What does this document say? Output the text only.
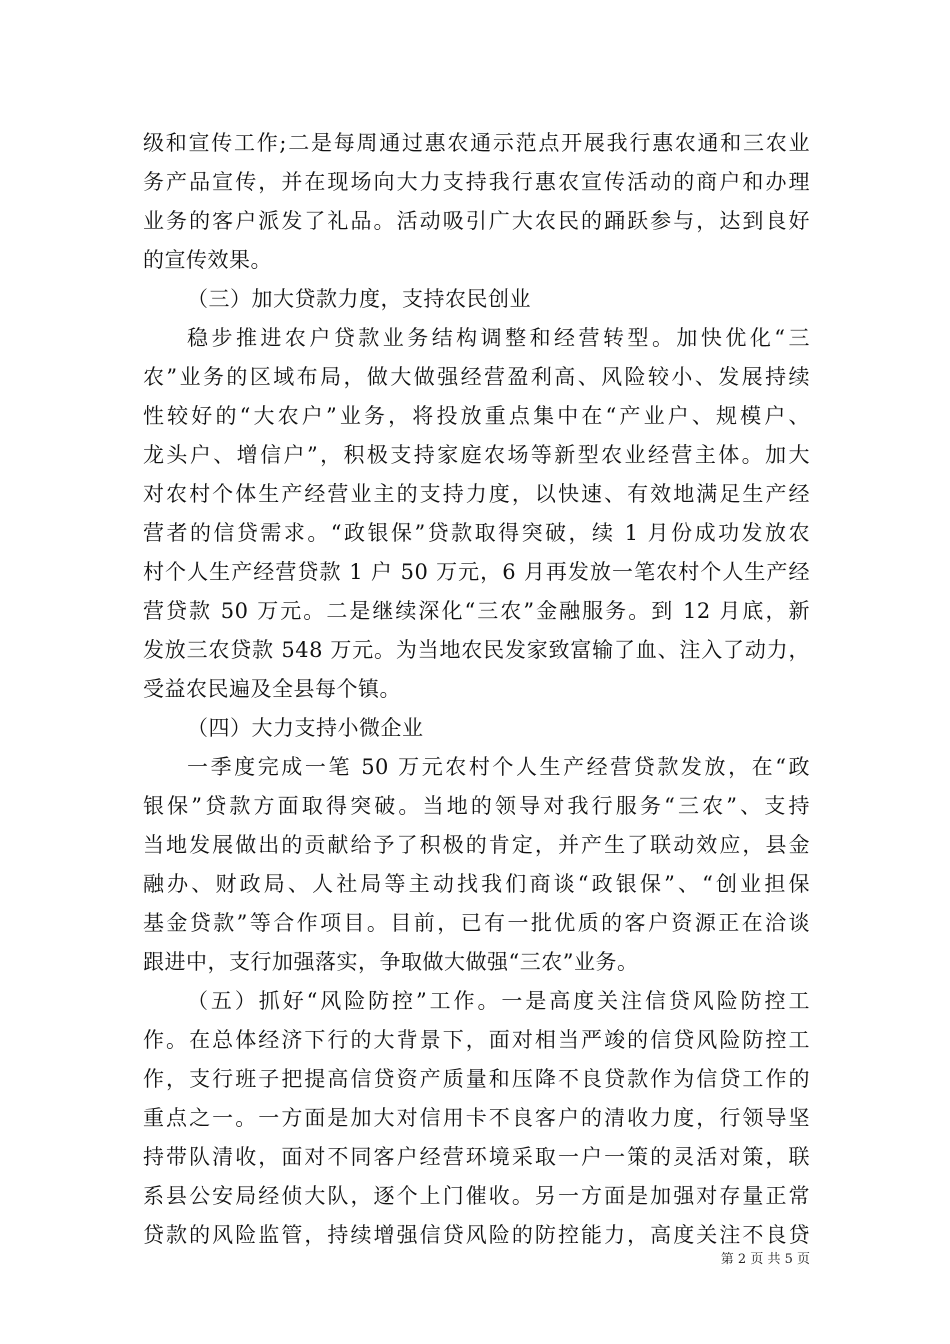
级和宣传工作;二是每周通过惠农通示范点开展我行惠农通和三农业
务产品宣传，并在现场向大力支持我行惠农宣传活动的商户和办理
业务的客户派发了礼品。活动吸引广大农民的踊跃参与，达到良好
的宣传效果。
（三）加大贷款力度，支持农民创业
稳步推进农户贷款业务结构调整和经营转型。加快优化“三
农”业务的区域布局，做大做强经营盈利高、风险较小、发展持续
性较好的“大农户”业务，将投放重点集中在“产业户、规模户、
龙头户、增信户”，积极支持家庭农场等新型农业经营主体。加大
对农村个体生产经营业主的支持力度，以快速、有效地满足生产经
营者的信贷需求。“政银保”贷款取得突破，续 1 月份成功发放农
村个人生产经营贷款 1 户 50 万元，6 月再发放一笔农村个人生产经
营贷款 50 万元。二是继续深化“三农”金融服务。到 12 月底，新
发放三农贷款 548 万元。为当地农民发家致富输了血、注入了动力，
受益农民遍及全县每个镇。
（四）大力支持小微企业
一季度完成一笔 50 万元农村个人生产经营贷款发放，在“政
银保”贷款方面取得突破。当地的领导对我行服务“三农”、支持
当地发展做出的贡献给予了积极的肯定，并产生了联动效应，县金
融办、财政局、人社局等主动找我们商谈“政银保”、“创业担保
基金贷款”等合作项目。目前，已有一批优质的客户资源正在洽谈
跟进中，支行加强落实，争取做大做强“三农”业务。
（五）抓好“风险防控”工作。一是高度关注信贷风险防控工
作。在总体经济下行的大背景下，面对相当严竣的信贷风险防控工
作，支行班子把提高信贷资产质量和压降不良贷款作为信贷工作的
重点之一。一方面是加大对信用卡不良客户的清收力度，行领导坚
持带队清收，面对不同客户经营环境采取一户一策的灵活对策，联
系县公安局经侦大队，逐个上门催收。另一方面是加强对存量正常
贷款的风险监管，持续增强信贷风险的防控能力，高度关注不良贷
第 2 页 共 5 页
